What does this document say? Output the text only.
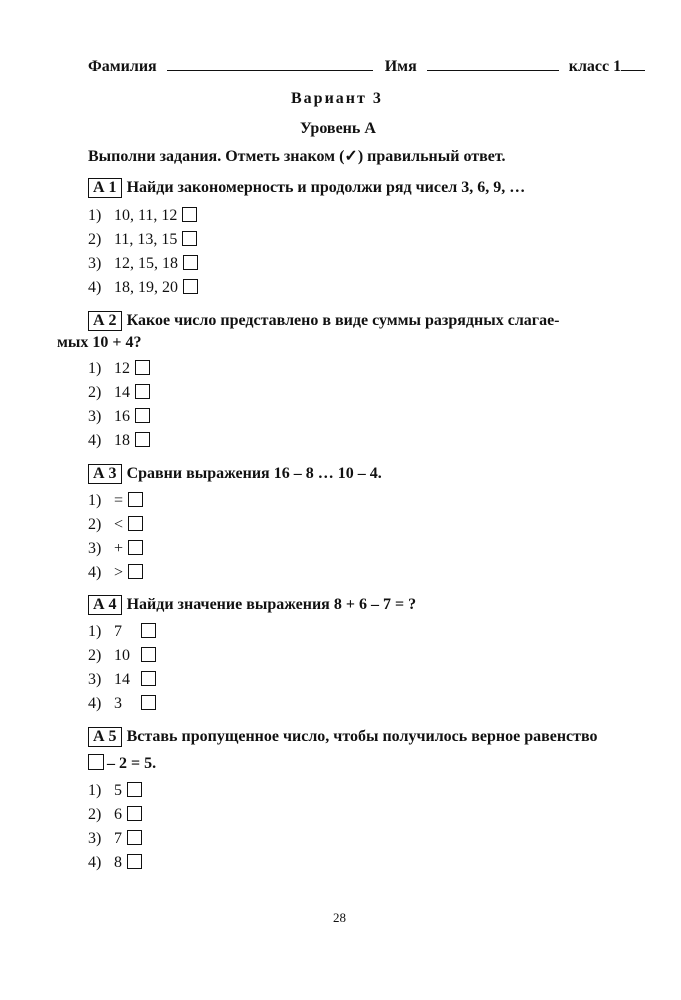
Фамилия	Имя	класс 1
Вариант 3
Уровень А
Выполни задания. Отметь знаком (✓) правильный ответ.
А 1 Найди закономерность и продолжи ряд чисел 3, 6, 9, …
1) 10, 11, 12
2) 11, 13, 15
3) 12, 15, 18
4) 18, 19, 20
А 2 Какое число представлено в виде суммы разрядных слагае-
мых 10 + 4?
1) 12
2) 14
3) 16
4) 18
А 3 Сравни выражения 16 – 8 … 10 – 4.
1) =
2) <
3) +
4) >
А 4 Найди значение выражения 8 + 6 – 7 = ?
1) 7
2) 10
3) 14
4) 3
А 5 Вставь пропущенное число, чтобы получилось верное равенство
– 2 = 5.
1) 5
2) 6
3) 7
4) 8
28
